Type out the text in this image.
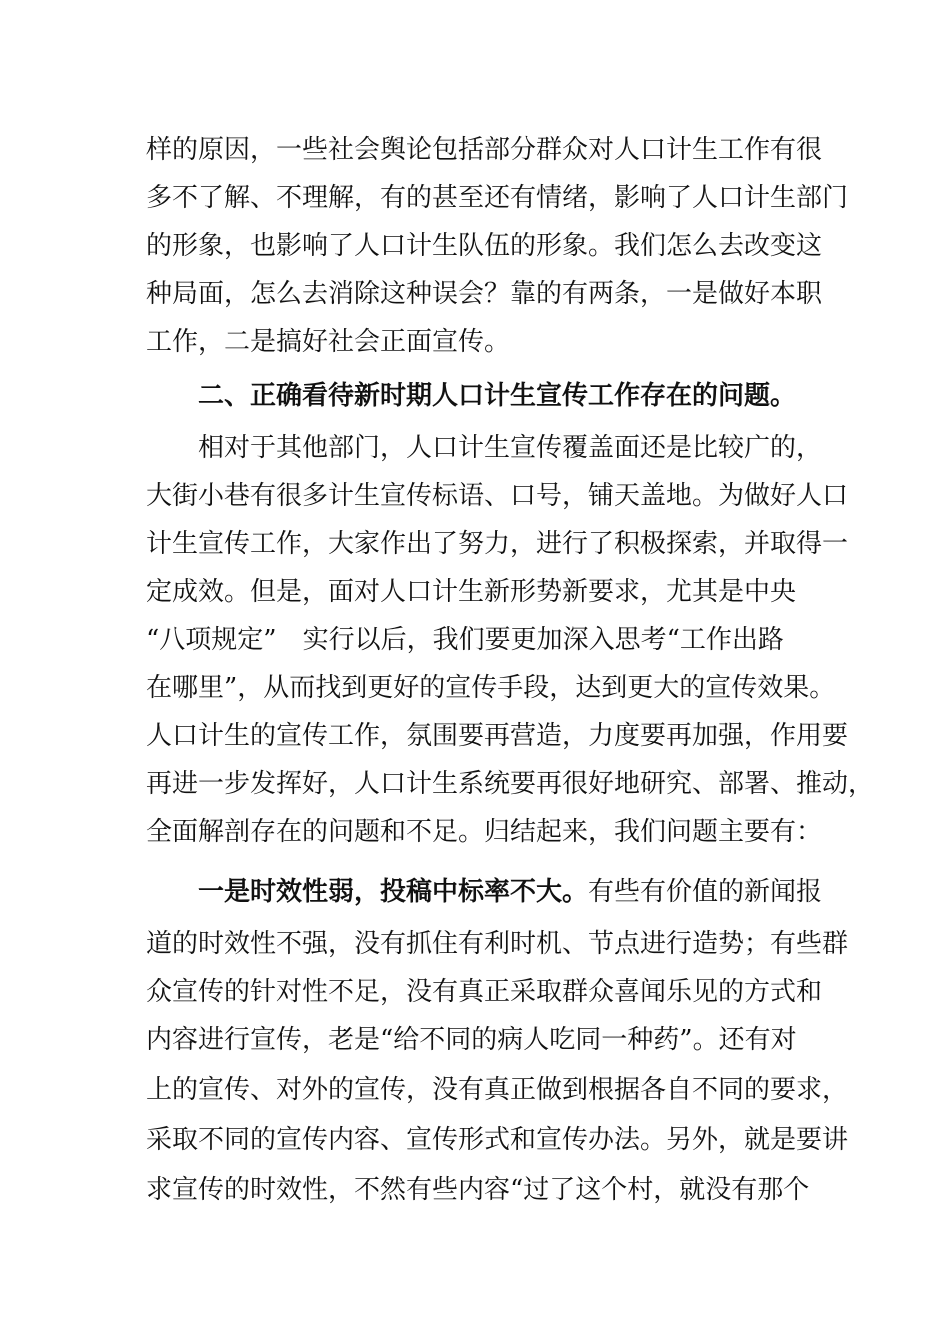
样的原因，一些社会舆论包括部分群众对人口计生工作有很
多不了解、不理解，有的甚至还有情绪，影响了人口计生部门
的形象，也影响了人口计生队伍的形象。我们怎么去改变这
种局面，怎么去消除这种误会？靠的有两条，一是做好本职
工作，二是搞好社会正面宣传。
二、正确看待新时期人口计生宣传工作存在的问题。
相对于其他部门，人口计生宣传覆盖面还是比较广的，
大街小巷有很多计生宣传标语、口号，铺天盖地。为做好人口
计生宣传工作，大家作出了努力，进行了积极探索，并取得一
定成效。但是，面对人口计生新形势新要求，尤其是中央
“八项规定”　实行以后，我们要更加深入思考“工作出路
在哪里”，从而找到更好的宣传手段，达到更大的宣传效果。
人口计生的宣传工作，氛围要再营造，力度要再加强，作用要
再进一步发挥好，人口计生系统要再很好地研究、部署、推动，
全面解剖存在的问题和不足。归结起来，我们问题主要有：
一是时效性弱，投稿中标率不大。有些有价值的新闻报
道的时效性不强，没有抓住有利时机、节点进行造势；有些群
众宣传的针对性不足，没有真正采取群众喜闻乐见的方式和
内容进行宣传，老是“给不同的病人吃同一种药”。还有对
上的宣传、对外的宣传，没有真正做到根据各自不同的要求，
采取不同的宣传内容、宣传形式和宣传办法。另外，就是要讲
求宣传的时效性，不然有些内容“过了这个村，就没有那个
